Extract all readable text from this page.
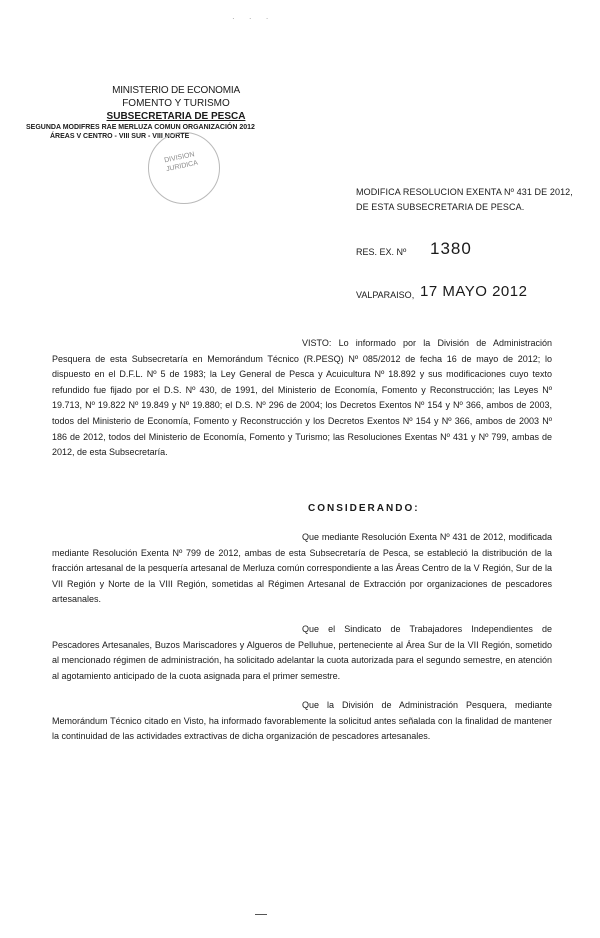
· · ·
MINISTERIO DE ECONOMIA
FOMENTO Y TURISMO
SUBSECRETARIA DE PESCA
SEGUNDA MODIFRES RAE MERLUZA COMUN ORGANIZACIÓN 2012
ÁREAS V CENTRO - VIII SUR - VIII NORTE
DIVISION
JURIDICA
MODIFICA RESOLUCION EXENTA Nº 431 DE 2012,
DE ESTA SUBSECRETARIA DE PESCA.
RES. EX. Nº 1380
VALPARAISO, 17 MAYO 2012
VISTO: Lo informado por la División de Administración Pesquera de esta Subsecretaría en Memorándum Técnico (R.PESQ) Nº 085/2012 de fecha 16 de mayo de 2012; lo dispuesto en el D.F.L. Nº 5 de 1983; la Ley General de Pesca y Acuicultura Nº 18.892 y sus modificaciones cuyo texto refundido fue fijado por el D.S. Nº 430, de 1991, del Ministerio de Economía, Fomento y Reconstrucción; las Leyes Nº 19.713, Nº 19.822 Nº 19.849 y Nº 19.880; el D.S. Nº 296 de 2004; los Decretos Exentos Nº 154 y Nº 366, ambos de 2003, todos del Ministerio de Economía, Fomento y Reconstrucción y los Decretos Exentos Nº 154 y Nº 366, ambos de 2003 Nº 186 de 2012, todos del Ministerio de Economía, Fomento y Turismo; las Resoluciones Exentas Nº 431 y Nº 799, ambas de 2012, de esta Subsecretaría.
CONSIDERANDO:
Que mediante Resolución Exenta Nº 431 de 2012, modificada mediante Resolución Exenta Nº 799 de 2012, ambas de esta Subsecretaría de Pesca, se estableció la distribución de la fracción artesanal de la pesquería artesanal de Merluza común correspondiente a las Áreas Centro de la V Región, Sur de la VII Región y Norte de la VIII Región, sometidas al Régimen Artesanal de Extracción por organizaciones de pescadores artesanales.
Que el Sindicato de Trabajadores Independientes de Pescadores Artesanales, Buzos Mariscadores y Algueros de Pelluhue, perteneciente al Área Sur de la VII Región, sometido al mencionado régimen de administración, ha solicitado adelantar la cuota autorizada para el segundo semestre, en atención al agotamiento anticipado de la cuota asignada para el primer semestre.
Que la División de Administración Pesquera, mediante Memorándum Técnico citado en Visto, ha informado favorablemente la solicitud antes señalada con la finalidad de mantener la continuidad de las actividades extractivas de dicha organización de pescadores artesanales.
